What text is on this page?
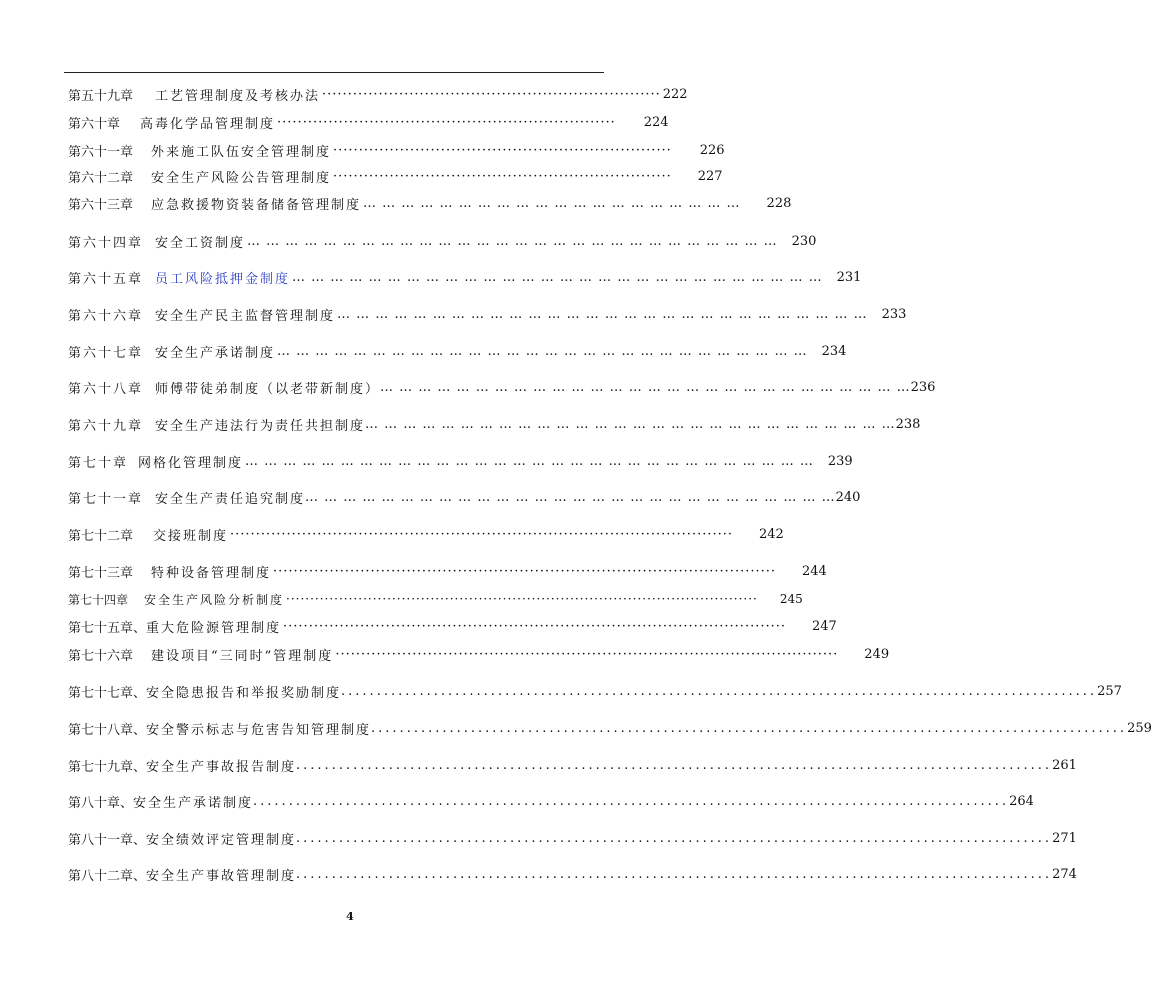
第五十九章 工艺管理制度及考核办法 ·································································· 222
第六十章 高毒化学品管理制度 ·································································· 224
第六十一章 外来施工队伍安全管理制度 ·································································· 226
第六十二章 安全生产风险公告管理制度 ·································································· 227
第六十三章 应急救援物资装备储备管理制度 … … … … … … … … … … … … … … … … … … … … 228
第六十四章 安全工资制度 … … … … … … … … … … … … … … … … … … … … … … … … … … … … 230
第六十五章 员工风险抵押金制度 … … … … … … … … … … … … … … … … … … … … … … … … … … … … 231
第六十六章 安全生产民主监督管理制度 … … … … … … … … … … … … … … … … … … … … … … … … … … … … 233
第六十七章 安全生产承诺制度 … … … … … … … … … … … … … … … … … … … … … … … … … … … … 234
第六十八章 师傅带徒弟制度（以老带新制度） … … … … … … … … … … … … … … … … … … … … … … … … … … … … 236
第六十九章 安全生产违法行为责任共担制度 … … … … … … … … … … … … … … … … … … … … … … … … … … … … 238
第七十章 网格化管理制度 … … … … … … … … … … … … … … … … … … … … … … … … … … … … … … 239
第七十一章 安全生产责任追究制度 … … … … … … … … … … … … … … … … … … … … … … … … … … … … 240
第七十二章 交接班制度 ·································································································· 242
第七十三章 特种设备管理制度 ·································································································· 244
第七十四章 安全生产风险分析制度 ·································································································· 245
第七十五章、 重大危险源管理制度 ·································································································· 247
第七十六章 建设项目“三同时”管理制度 ·································································································· 249
第七十七章、 安全隐患报告和举报奖励制度 .......................................................................................................... 257
第七十八章、 安全警示标志与危害告知管理制度 .......................................................................................................... 259
第七十九章、 安全生产事故报告制度 .......................................................................................................... 261
第八十章、 安全生产承诺制度 .......................................................................................................... 264
第八十一章、 安全绩效评定管理制度 .......................................................................................................... 271
第八十二章、 安全生产事故管理制度 .......................................................................................................... 274
4
